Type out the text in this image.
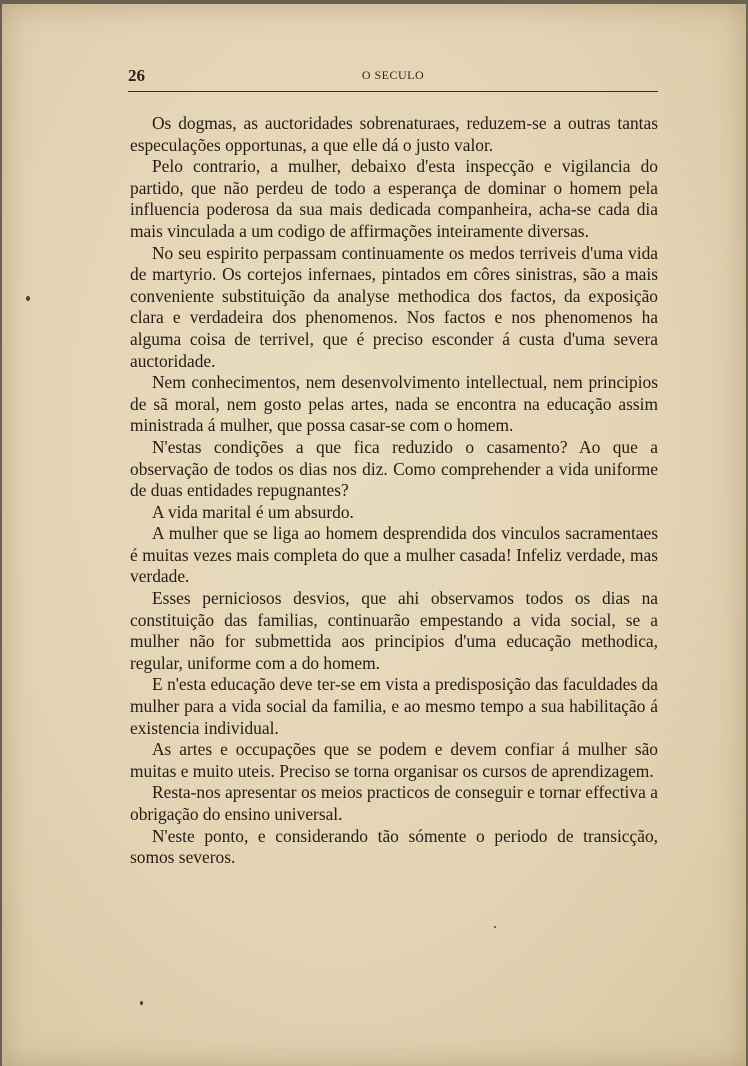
26	O SECULO

Os dogmas, as auctoridades sobrenaturaes, reduzem-se a outras tantas especulações opportunas, a que elle dá o justo valor.

Pelo contrario, a mulher, debaixo d'esta inspecção e vigilancia do partido, que não perdeu de todo a esperança de dominar o homem pela influencia poderosa da sua mais dedicada companheira, acha-se cada dia mais vinculada a um codigo de affirmações inteiramente diversas.

No seu espirito perpassam continuamente os medos terriveis d'uma vida de martyrio. Os cortejos infernaes, pintados em côres sinistras, são a mais conveniente substituição da analyse methodica dos factos, da exposição clara e verdadeira dos phenomenos. Nos factos e nos phenomenos ha alguma coisa de terrivel, que é preciso esconder á custa d'uma severa auctoridade.

Nem conhecimentos, nem desenvolvimento intellectual, nem principios de sã moral, nem gosto pelas artes, nada se encontra na educação assim ministrada á mulher, que possa casar-se com o homem.

N'estas condições a que fica reduzido o casamento? Ao que a observação de todos os dias nos diz. Como comprehender a vida uniforme de duas entidades repugnantes?

A vida marital é um absurdo.

A mulher que se liga ao homem desprendida dos vinculos sacramentaes é muitas vezes mais completa do que a mulher casada! Infeliz verdade, mas verdade.

Esses perniciosos desvios, que ahi observamos todos os dias na constituição das familias, continuarão empestando a vida social, se a mulher não for submettida aos principios d'uma educação methodica, regular, uniforme com a do homem.

E n'esta educação deve ter-se em vista a predisposição das faculdades da mulher para a vida social da familia, e ao mesmo tempo a sua habilitação á existencia individual.

As artes e occupações que se podem e devem confiar á mulher são muitas e muito uteis. Preciso se torna organisar os cursos de aprendizagem.

Resta-nos apresentar os meios practicos de conseguir e tornar effectiva a obrigação do ensino universal.

N'este ponto, e considerando tão sómente o periodo de transicção, somos severos.
